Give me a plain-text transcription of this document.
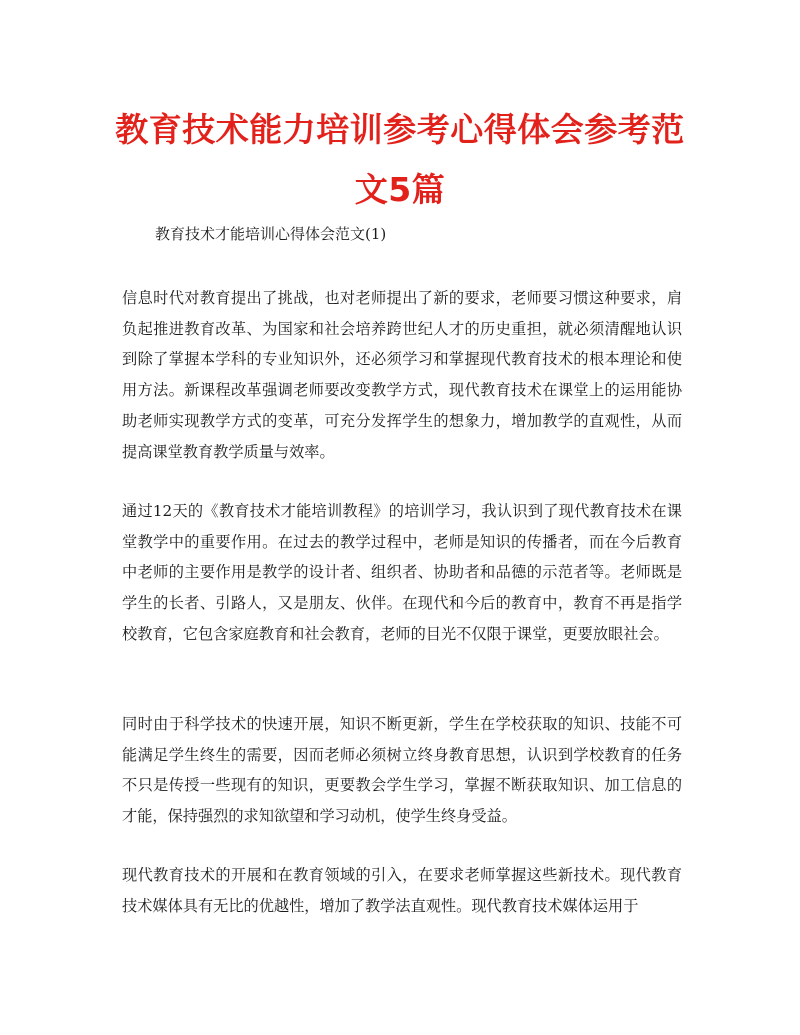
教育技术能力培训参考心得体会参考范文5篇
教育技术才能培训心得体会范文(1)

信息时代对教育提出了挑战，也对老师提出了新的要求，老师要习惯这种要求，肩负起推进教育改革、为国家和社会培养跨世纪人才的历史重担，就必须清醒地认识到除了掌握本学科的专业知识外，还必须学习和掌握现代教育技术的根本理论和使用方法。新课程改革强调老师要改变教学方式，现代教育技术在课堂上的运用能协助老师实现教学方式的变革，可充分发挥学生的想象力，增加教学的直观性，从而提高课堂教育教学质量与效率。

通过12天的《教育技术才能培训教程》的培训学习，我认识到了现代教育技术在课堂教学中的重要作用。在过去的教学过程中，老师是知识的传播者，而在今后教育中老师的主要作用是教学的设计者、组织者、协助者和品德的示范者等。老师既是学生的长者、引路人，又是朋友、伙伴。在现代和今后的教育中，教育不再是指学校教育，它包含家庭教育和社会教育，老师的目光不仅限于课堂，更要放眼社会。

同时由于科学技术的快速开展，知识不断更新，学生在学校获取的知识、技能不可能满足学生终生的需要，因而老师必须树立终身教育思想，认识到学校教育的任务不只是传授一些现有的知识，更要教会学生学习，掌握不断获取知识、加工信息的才能，保持强烈的求知欲望和学习动机，使学生终身受益。

现代教育技术的开展和在教育领域的引入，在要求老师掌握这些新技术。现代教育技术媒体具有无比的优越性，增加了教学法直观性。现代教育技术媒体运用于
